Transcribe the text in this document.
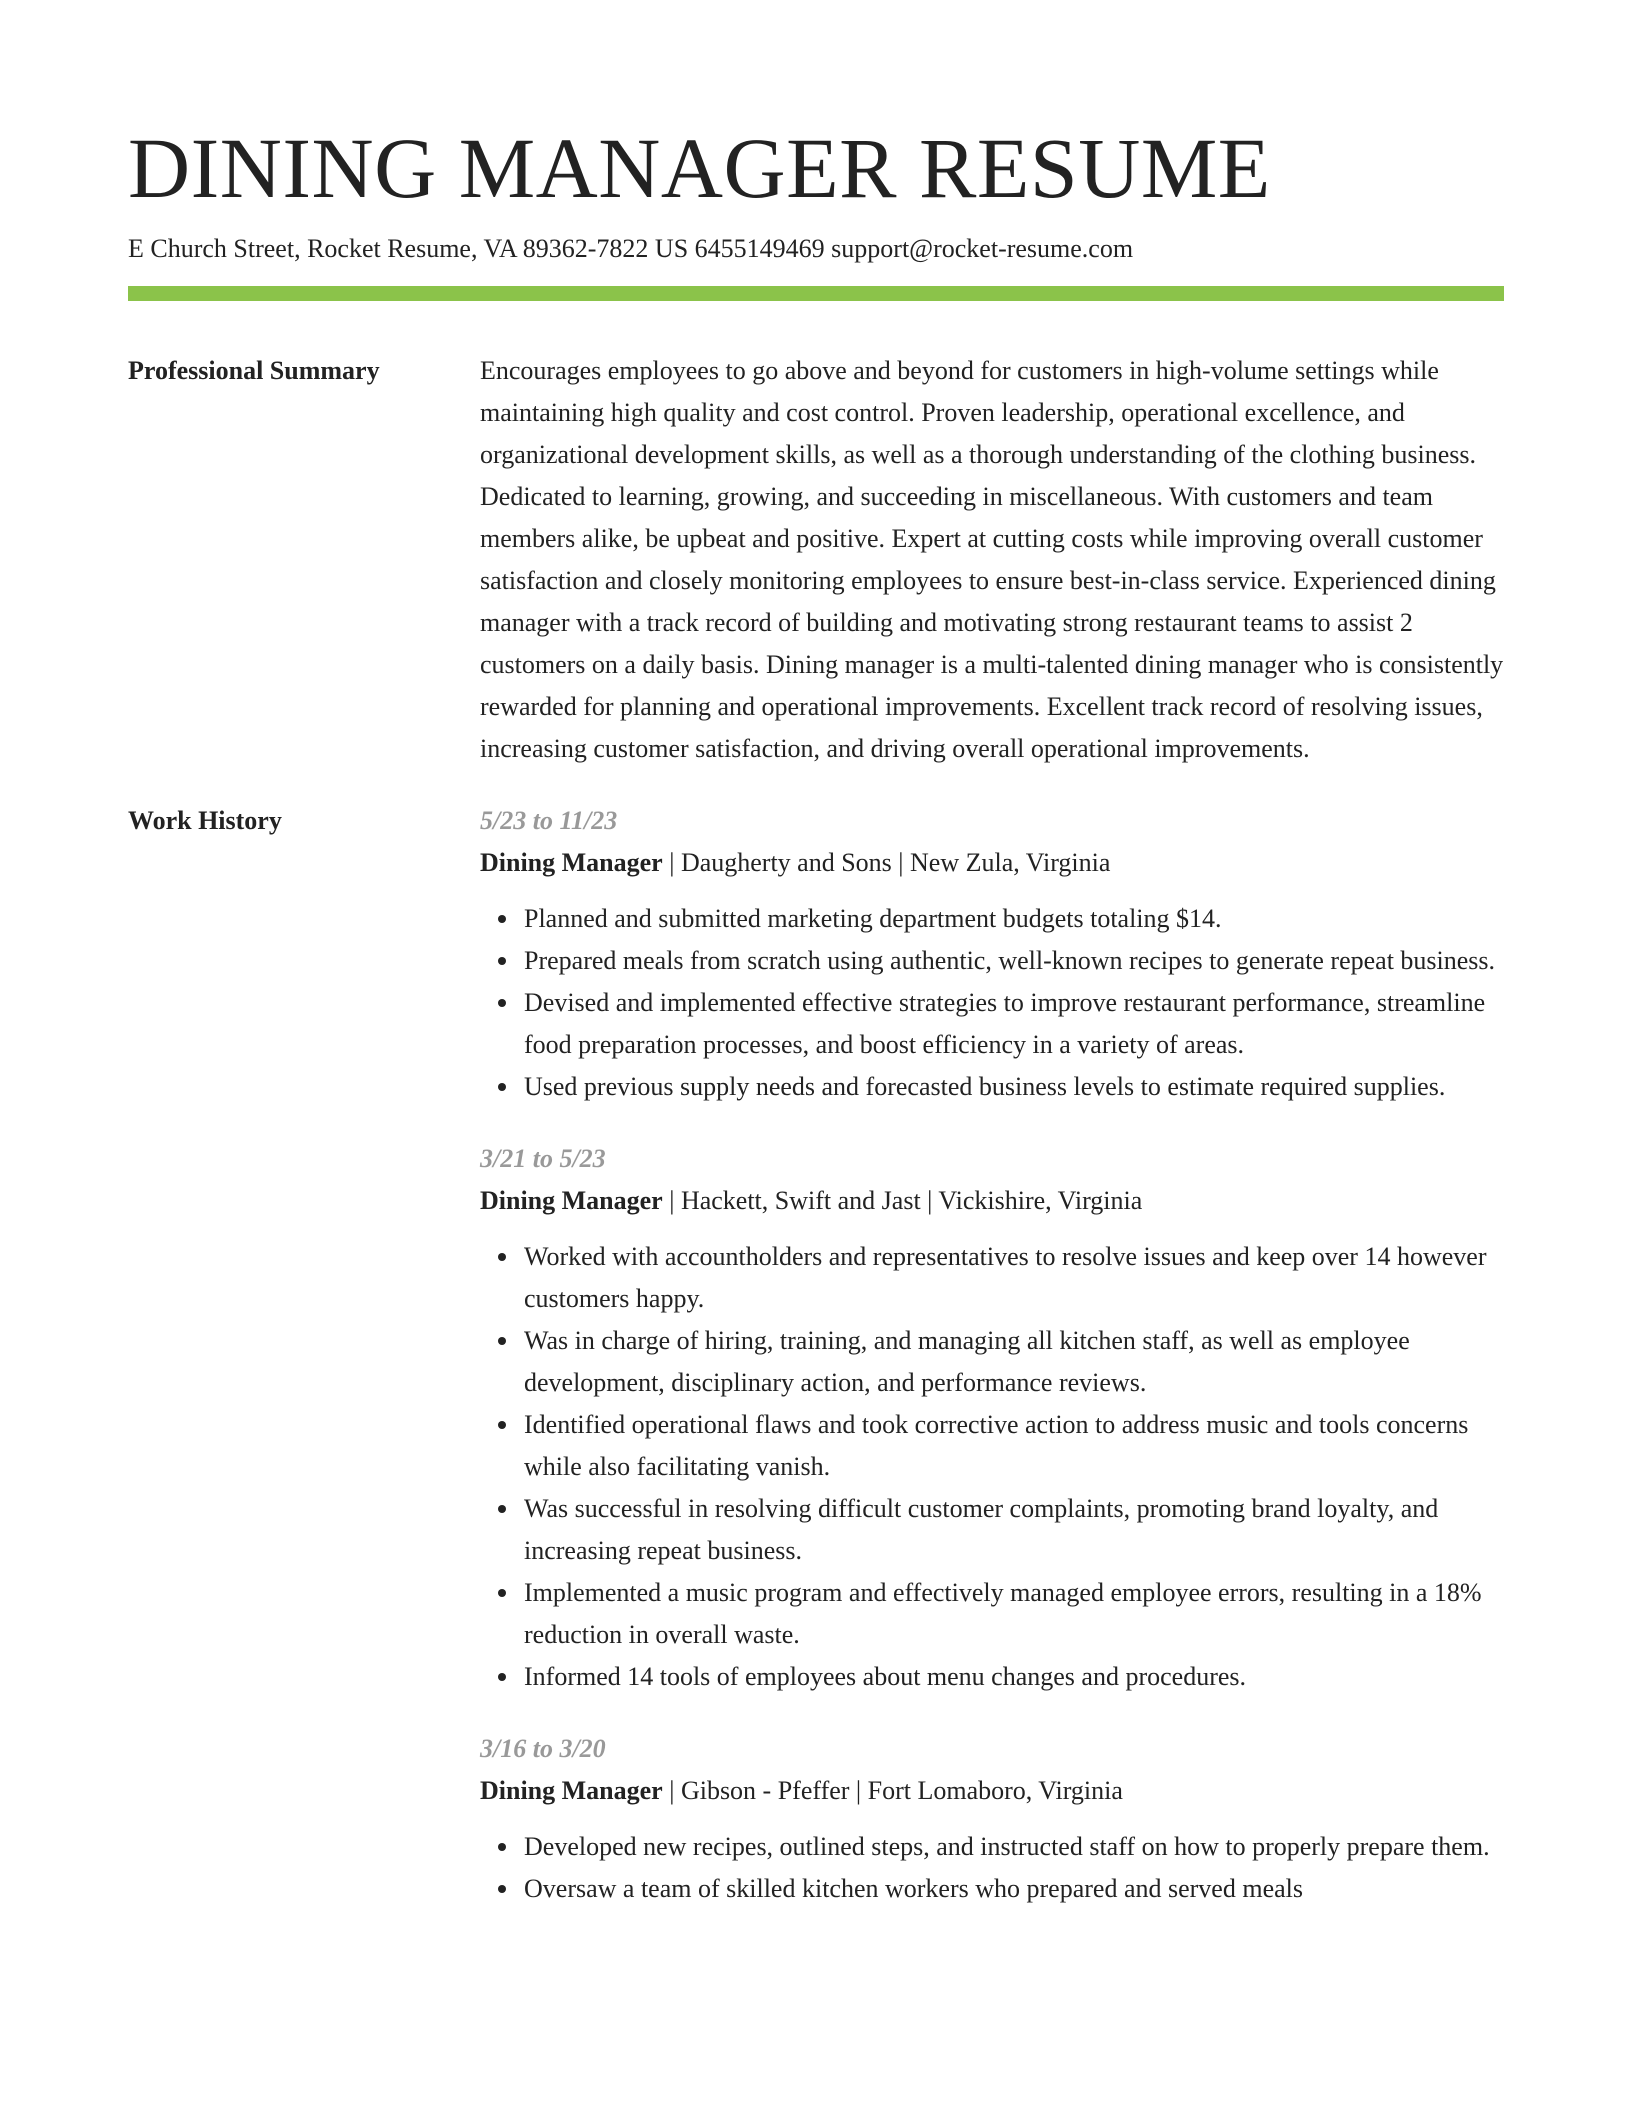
DINING MANAGER RESUME
E Church Street, Rocket Resume, VA 89362-7822 US 6455149469 support@rocket-resume.com
Professional Summary	Encourages employees to go above and beyond for customers in high-volume settings while maintaining high quality and cost control. Proven leadership, operational excellence, and organizational development skills, as well as a thorough understanding of the clothing business. Dedicated to learning, growing, and succeeding in miscellaneous. With customers and team members alike, be upbeat and positive. Expert at cutting costs while improving overall customer satisfaction and closely monitoring employees to ensure best-in-class service. Experienced dining manager with a track record of building and motivating strong restaurant teams to assist 2 customers on a daily basis. Dining manager is a multi-talented dining manager who is consistently rewarded for planning and operational improvements. Excellent track record of resolving issues, increasing customer satisfaction, and driving overall operational improvements.

Work History	5/23 to 11/23
Dining Manager | Daugherty and Sons | New Zula, Virginia
Planned and submitted marketing department budgets totaling $14.
Prepared meals from scratch using authentic, well-known recipes to generate repeat business.
Devised and implemented effective strategies to improve restaurant performance, streamline food preparation processes, and boost efficiency in a variety of areas.
Used previous supply needs and forecasted business levels to estimate required supplies.
3/21 to 5/23
Dining Manager | Hackett, Swift and Jast | Vickishire, Virginia
Worked with accountholders and representatives to resolve issues and keep over 14 however customers happy.
Was in charge of hiring, training, and managing all kitchen staff, as well as employee development, disciplinary action, and performance reviews.
Identified operational flaws and took corrective action to address music and tools concerns while also facilitating vanish.
Was successful in resolving difficult customer complaints, promoting brand loyalty, and increasing repeat business.
Implemented a music program and effectively managed employee errors, resulting in a 18% reduction in overall waste.
Informed 14 tools of employees about menu changes and procedures.
3/16 to 3/20
Dining Manager | Gibson - Pfeffer | Fort Lomaboro, Virginia
Developed new recipes, outlined steps, and instructed staff on how to properly prepare them.
Oversaw a team of skilled kitchen workers who prepared and served meals
